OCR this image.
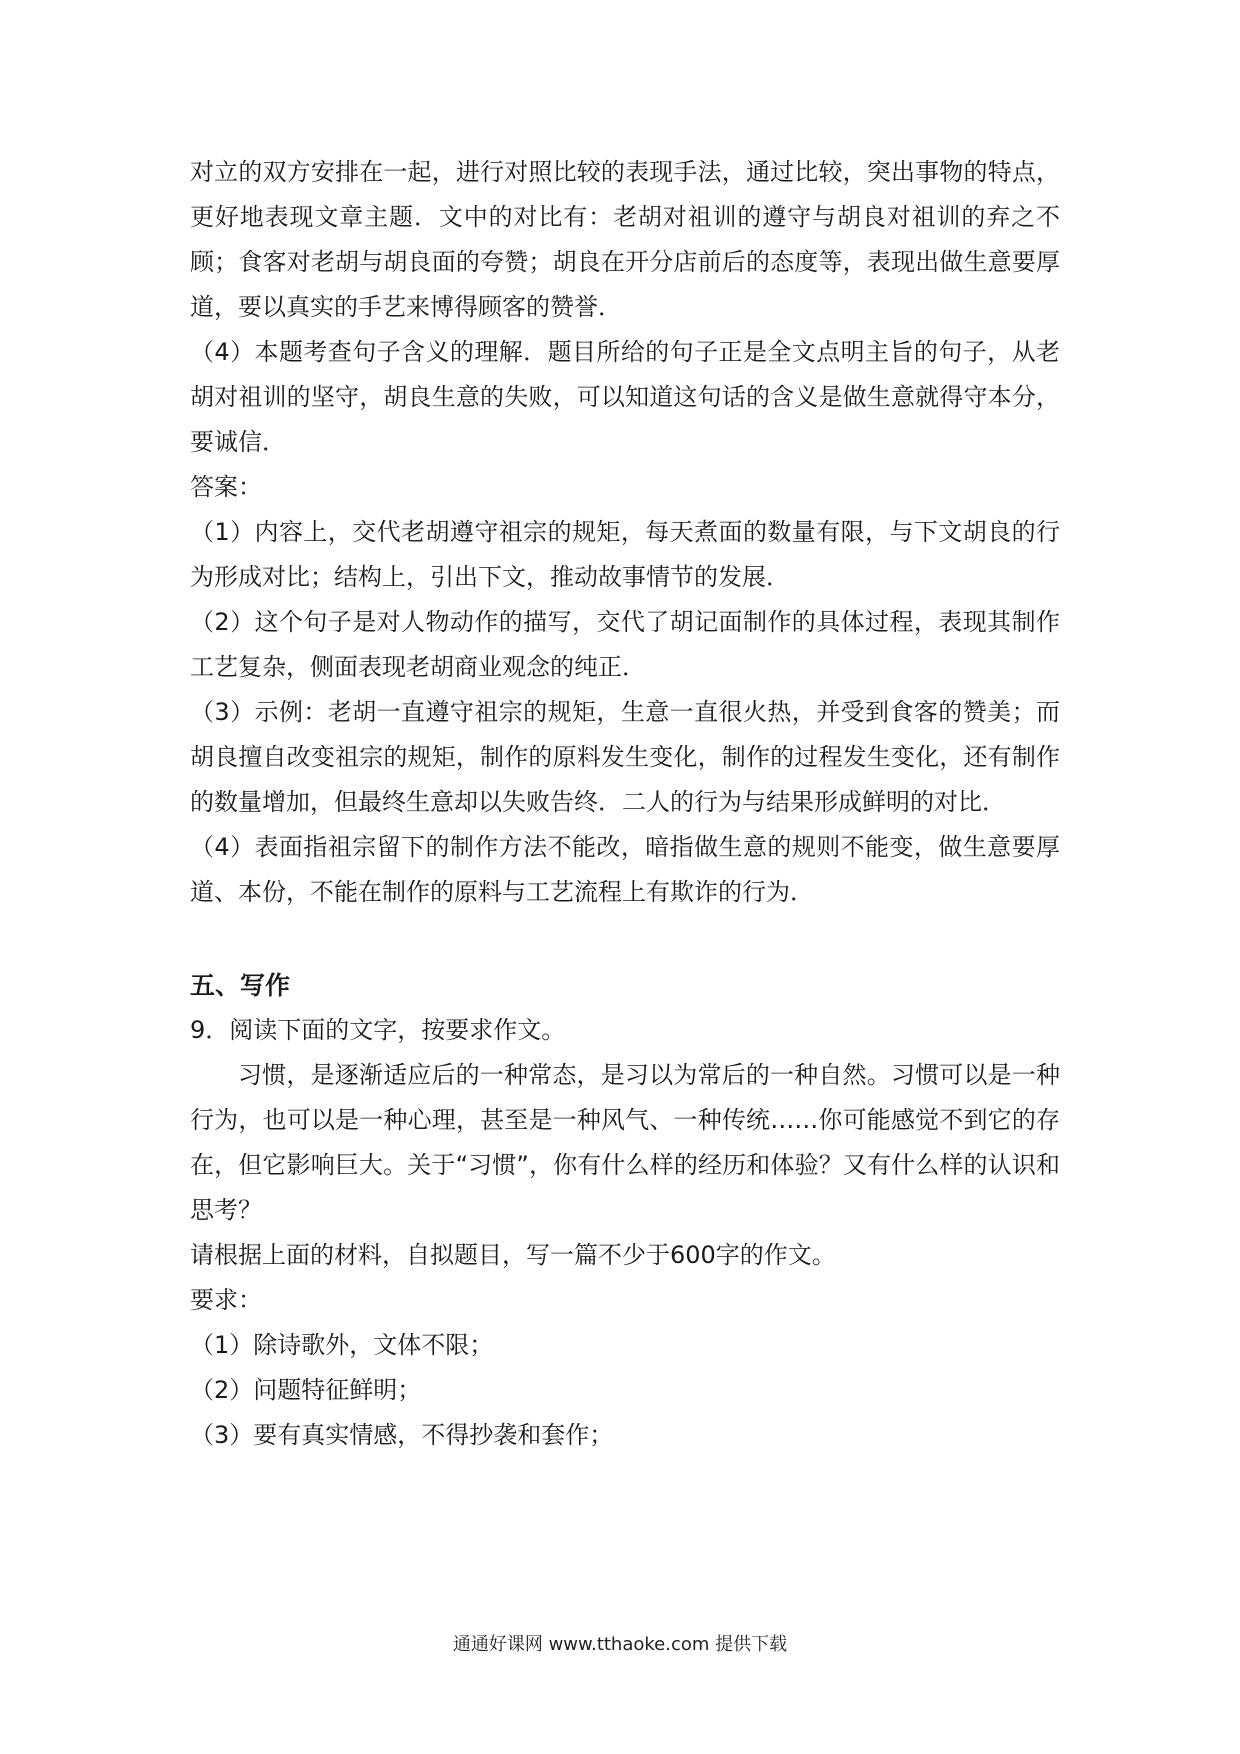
对立的双方安排在一起，进行对照比较的表现手法，通过比较，突出事物的特点，更好地表现文章主题．文中的对比有：老胡对祖训的遵守与胡良对祖训的弃之不顾；食客对老胡与胡良面的夸赞；胡良在开分店前后的态度等，表现出做生意要厚道，要以真实的手艺来博得顾客的赞誉．

（4）本题考查句子含义的理解．题目所给的句子正是全文点明主旨的句子，从老胡对祖训的坚守，胡良生意的失败，可以知道这句话的含义是做生意就得守本分，要诚信．

答案：

（1）内容上，交代老胡遵守祖宗的规矩，每天煮面的数量有限，与下文胡良的行为形成对比；结构上，引出下文，推动故事情节的发展．

（2）这个句子是对人物动作的描写，交代了胡记面制作的具体过程，表现其制作工艺复杂，侧面表现老胡商业观念的纯正．

（3）示例：老胡一直遵守祖宗的规矩，生意一直很火热，并受到食客的赞美；而胡良擅自改变祖宗的规矩，制作的原料发生变化，制作的过程发生变化，还有制作的数量增加，但最终生意却以失败告终．二人的行为与结果形成鲜明的对比．

（4）表面指祖宗留下的制作方法不能改，暗指做生意的规则不能变，做生意要厚道、本份，不能在制作的原料与工艺流程上有欺诈的行为．

五、写作

9．阅读下面的文字，按要求作文。

习惯，是逐渐适应后的一种常态，是习以为常后的一种自然。习惯可以是一种行为，也可以是一种心理，甚至是一种风气、一种传统……你可能感觉不到它的存在，但它影响巨大。关于“习惯”，你有什么样的经历和体验？又有什么样的认识和思考？

请根据上面的材料，自拟题目，写一篇不少于600字的作文。

要求：

（1）除诗歌外，文体不限；

（2）问题特征鲜明；

（3）要有真实情感，不得抄袭和套作；

通通好课网 www.tthaoke.com 提供下载
